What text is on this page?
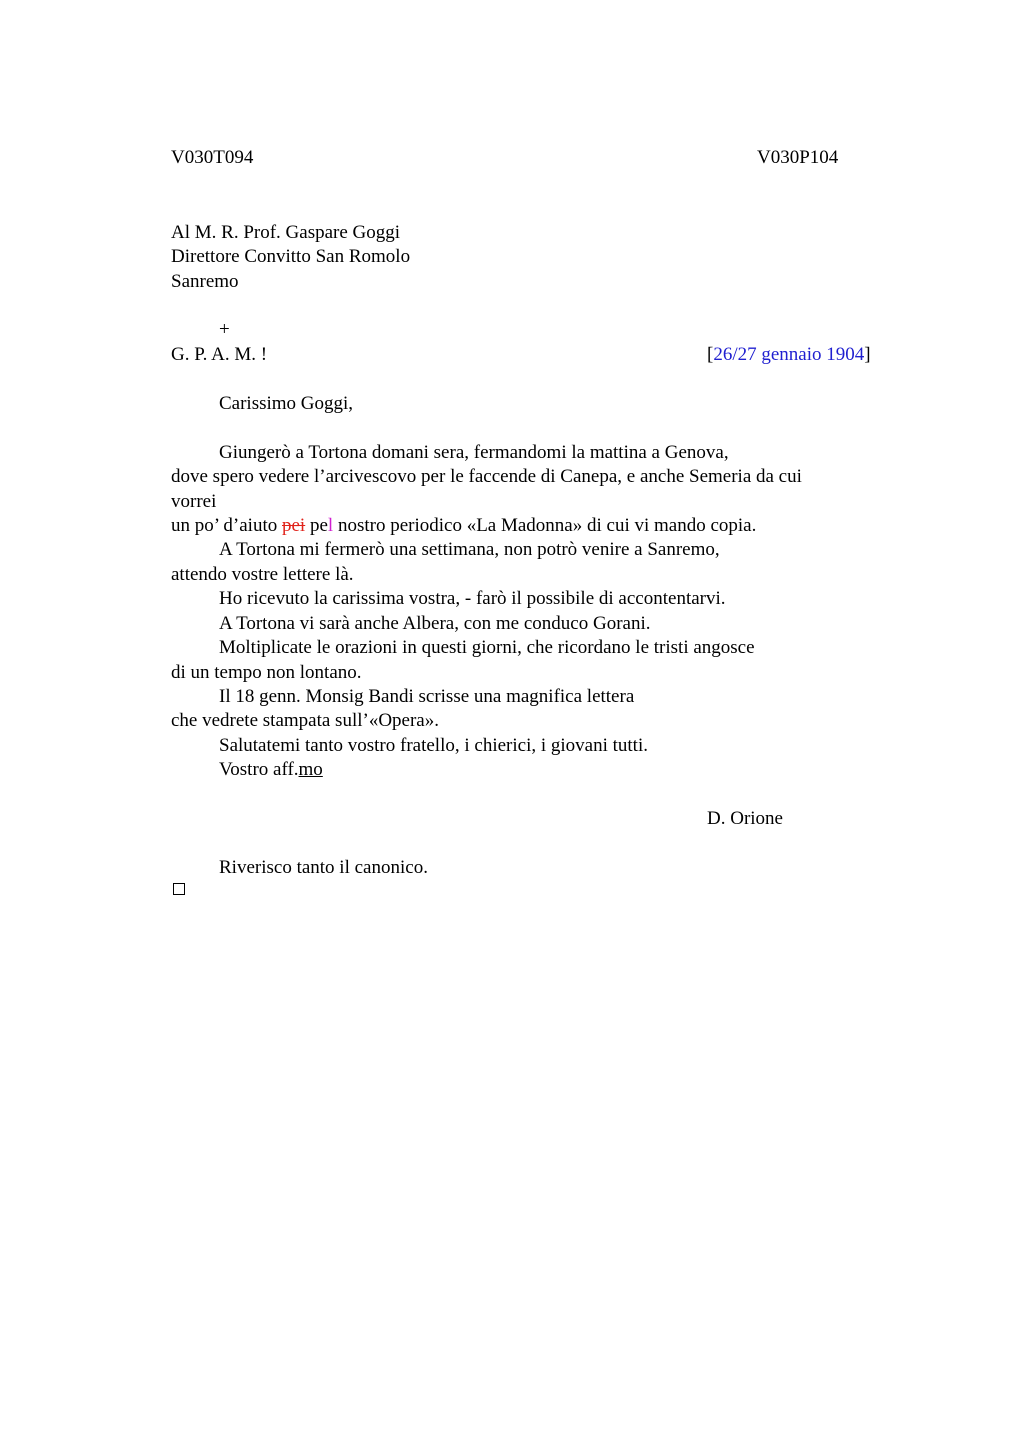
V030T094	V030P104
Al M. R. Prof. Gaspare Goggi
Direttore Convitto San Romolo
Sanremo
+
G. P. A. M. !	[26/27 gennaio 1904]
Carissimo Goggi,
Giungerò a Tortona domani sera, fermandomi la mattina a Genova,
dove spero vedere l’arcivescovo per le faccende di Canepa, e anche Semeria da cui
vorrei
un po’ d’aiuto pei pel nostro periodico «La Madonna» di cui vi mando copia.
A Tortona mi fermerò una settimana, non potrò venire a Sanremo,
attendo vostre lettere là.
Ho ricevuto la carissima vostra, - farò il possibile di accontentarvi.
A Tortona vi sarà anche Albera, con me conduco Gorani.
Moltiplicate le orazioni in questi giorni, che ricordano le tristi angosce
di un tempo non lontano.
Il 18 genn. Monsig Bandi scrisse una magnifica lettera
che vedrete stampata sull’«Opera».
Salutatemi tanto vostro fratello, i chierici, i giovani tutti.
Vostro aff.mo
D. Orione
Riverisco tanto il canonico.
